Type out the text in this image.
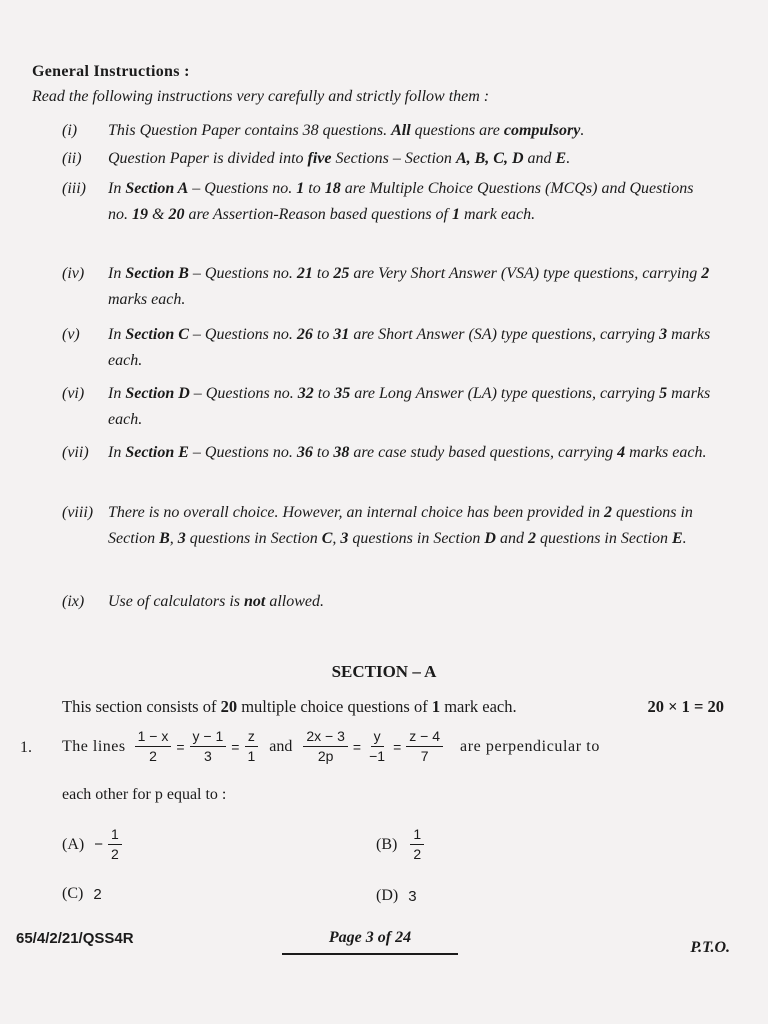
General Instructions :
Read the following instructions very carefully and strictly follow them :
(i)	This Question Paper contains 38 questions. All questions are compulsory.
(ii)	Question Paper is divided into five Sections – Section A, B, C, D and E.
(iii)	In Section A – Questions no. 1 to 18 are Multiple Choice Questions (MCQs) and Questions no. 19 & 20 are Assertion-Reason based questions of 1 mark each.
(iv)	In Section B – Questions no. 21 to 25 are Very Short Answer (VSA) type questions, carrying 2 marks each.
(v)	In Section C – Questions no. 26 to 31 are Short Answer (SA) type questions, carrying 3 marks each.
(vi)	In Section D – Questions no. 32 to 35 are Long Answer (LA) type questions, carrying 5 marks each.
(vii)	In Section E – Questions no. 36 to 38 are case study based questions, carrying 4 marks each.
(viii) There is no overall choice. However, an internal choice has been provided in 2 questions in Section B, 3 questions in Section C, 3 questions in Section D and 2 questions in Section E.
(ix)	Use of calculators is not allowed.
SECTION – A
This section consists of 20 multiple choice questions of 1 mark each.	20 × 1 = 20
1. The lines $\frac{1 - x}{2} = \frac{y - 1}{3} = \frac{z}{1}$ and $\frac{2x - 3}{2p} = \frac{y}{-1} = \frac{z - 4}{7}$ are perpendicular to
each other for p equal to :
$(A) - \frac{1}{2}$	$(B) \frac{1}{2}$
(C) 2	(D) 3
65/4/2/21/QSS4R	Page 3 of 24
P.T.O.
